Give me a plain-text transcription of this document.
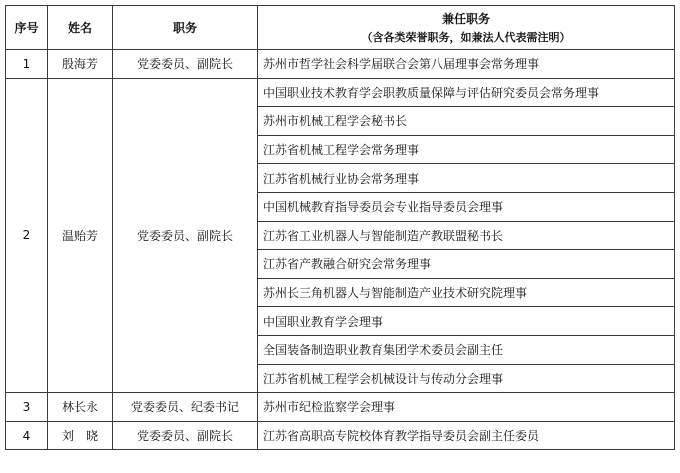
序号	姓名	职务	兼任职务
（含各类荣誉职务，如兼法人代表需注明）

1	殷海芳	党委委员、副院长	苏州市哲学社会科学届联合会第八届理事会常务理事
2	温贻芳	党委委员、副院长	中国职业技术教育学会职教质量保障与评估研究委员会常务理事
			苏州市机械工程学会秘书长
			江苏省机械工程学会常务理事
			江苏省机械行业协会常务理事
			中国机械教育指导委员会专业指导委员会理事
			江苏省工业机器人与智能制造产教联盟秘书长
			江苏省产教融合研究会常务理事
			苏州长三角机器人与智能制造产业技术研究院理事
			中国职业教育学会理事
			全国装备制造职业教育集团学术委员会副主任
			江苏省机械工程学会机械设计与传动分会理事
3	林长永	党委委员、纪委书记	苏州市纪检监察学会理事
4	刘　晓	党委委员、副院长	江苏省高职高专院校体育教学指导委员会副主任委员
